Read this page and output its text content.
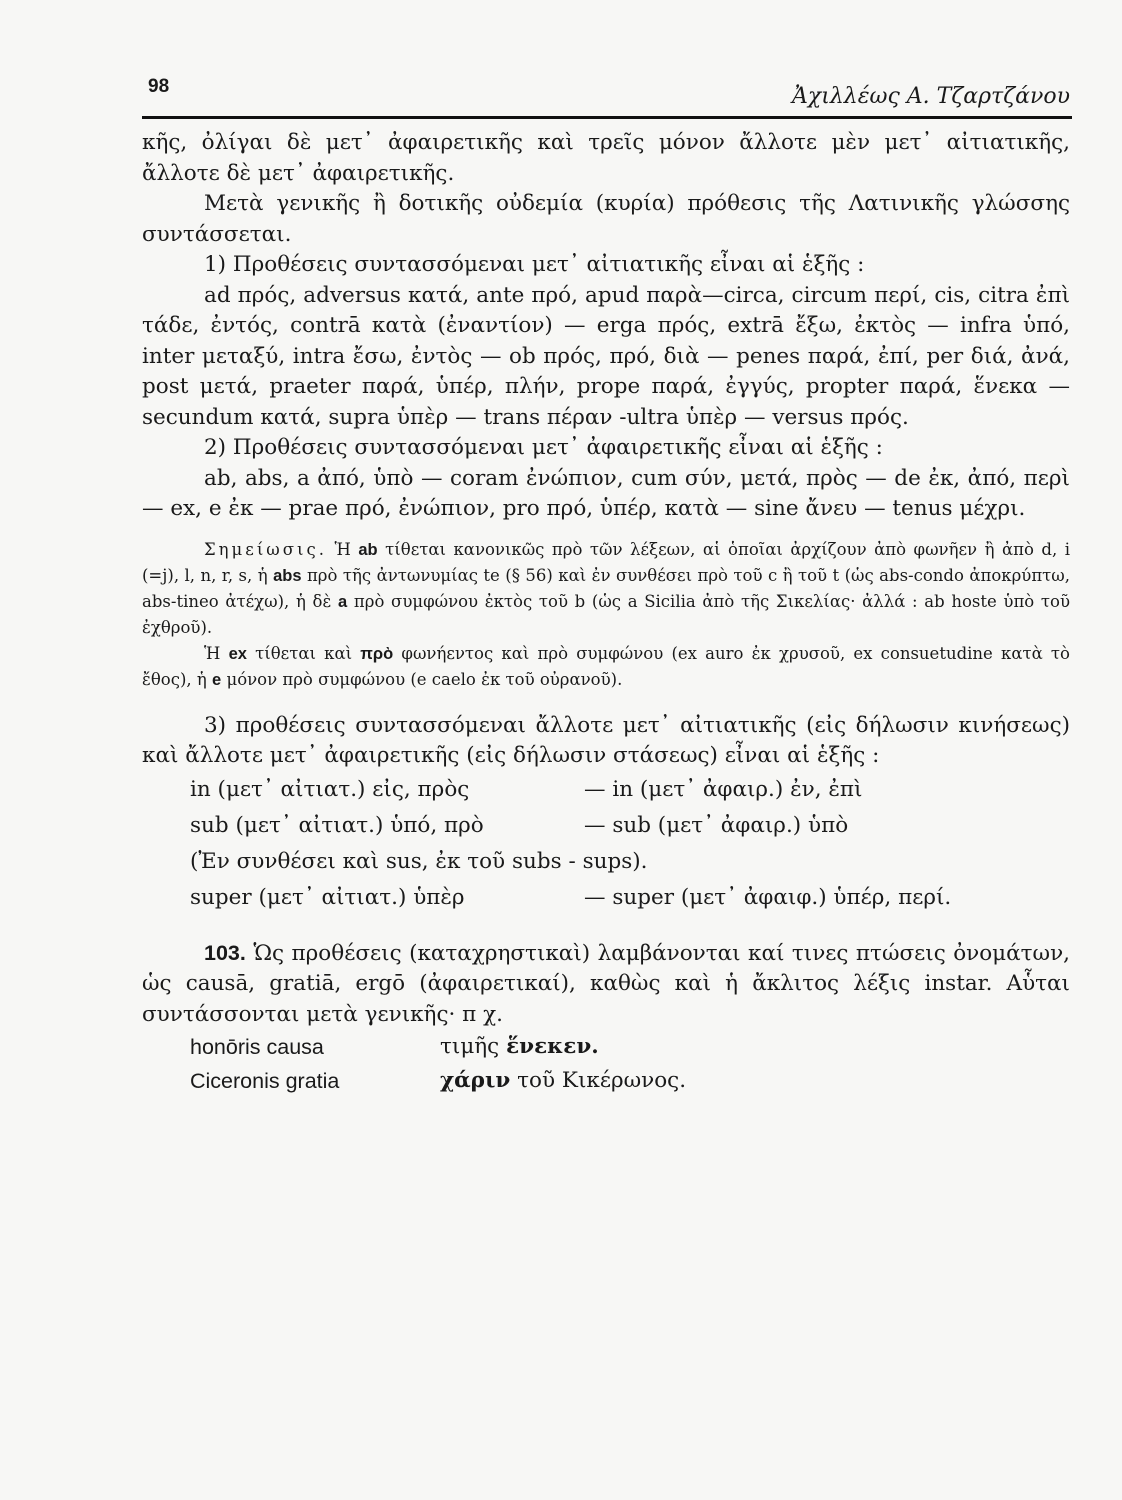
98	Ἀχιλλέως Α. Τζαρτζάνου

κῆς, ὀλίγαι δὲ μετ᾽ ἀφαιρετικῆς καὶ τρεῖς μόνον ἄλλοτε μὲν μετ᾽ αἰτιατικῆς, ἄλλοτε δὲ μετ᾽ ἀφαιρετικῆς.

Μετὰ γενικῆς ἢ δοτικῆς οὐδεμία (κυρία) πρόθεσις τῆς Λατινικῆς γλώσσης συντάσσεται.

1) Προθέσεις συντασσόμεναι μετ᾽ αἰτιατικῆς εἶναι αἱ ἑξῆς :

ad πρός, adversus κατά, ante πρό, apud παρὰ—circa, circum περί, cis, citra ἐπὶ τάδε, ἐντός, contrā κατὰ (ἐναντίον) — erga πρός, extrā ἔξω, ἐκτὸς — infra ὑπό, inter μεταξύ, intra ἔσω, ἐντὸς — ob πρός, πρό, διὰ — penes παρά, ἐπί, per διά, ἀνά, post μετά, praeter παρά, ὑπέρ, πλήν, prope παρά, ἐγγύς, propter παρά, ἕνεκα — secundum κατά, supra ὑπὲρ — trans πέραν -ultra ὑπὲρ — versus πρός.

2) Προθέσεις συντασσόμεναι μετ᾽ ἀφαιρετικῆς εἶναι αἱ ἑξῆς :

ab, abs, a ἀπό, ὑπὸ — coram ἐνώπιον, cum σύν, μετά, πρὸς — de ἐκ, ἀπό, περὶ — ex, e ἐκ — prae πρό, ἐνώπιον, pro πρό, ὑπέρ, κατὰ — sine ἄνευ — tenus μέχρι.

Σημείωσις. Ἡ ab τίθεται κανονικῶς πρὸ τῶν λέξεων, αἱ ὁποῖαι ἀρχίζουν ἀπὸ φωνῆεν ἢ ἀπὸ d, i (=j), l, n, r, s, ἡ abs πρὸ τῆς ἀντωνυμίας te (§ 56) καὶ ἐν συνθέσει πρὸ τοῦ c ἢ τοῦ t (ὡς abs-condo ἀποκρύπτω, abs-tineo ἀτέχω), ἡ δὲ a πρὸ συμφώνου ἐκτὸς τοῦ b (ὡς a Sicilia ἀπὸ τῆς Σικελίας· ἀλλά : ab hoste ὑπὸ τοῦ ἐχθροῦ).

Ἡ ex τίθεται καὶ πρὸ φωνήεντος καὶ πρὸ συμφώνου (ex auro ἐκ χρυσοῦ, ex consuetudine κατὰ τὸ ἔθος), ἡ e μόνον πρὸ συμφώνου (e caelo ἐκ τοῦ οὐρανοῦ).

3) προθέσεις συντασσόμεναι ἄλλοτε μετ᾽ αἰτιατικῆς (εἰς δήλωσιν κινήσεως) καὶ ἄλλοτε μετ᾽ ἀφαιρετικῆς (εἰς δήλωσιν στάσεως) εἶναι αἱ ἑξῆς :

in (μετ᾽ αἰτιατ.) εἰς, πρὸς	— in (μετ᾽ ἀφαιρ.) ἐν, ἐπὶ
sub (μετ᾽ αἰτιατ.) ὑπό, πρὸ	— sub (μετ᾽ ἀφαιρ.) ὑπὸ
(Ἐν συνθέσει καὶ sus, ἐκ τοῦ subs - sups).
super (μετ᾽ αἰτιατ.) ὑπὲρ	— super (μετ᾽ ἀφαιφ.) ὑπέρ, περί.

103. Ὡς προθέσεις (καταχρηστικαὶ) λαμβάνονται καί τινες πτώσεις ὀνομάτων, ὡς causā, gratiā, ergō (ἀφαιρετικαί), καθὼς καὶ ἡ ἄκλιτος λέξις instar. Αὗται συντάσσονται μετὰ γενικῆς· π χ.

honōris causa	τιμῆς ἕνεκεν.
Ciceronis gratia	χάριν τοῦ Κικέρωνος.
